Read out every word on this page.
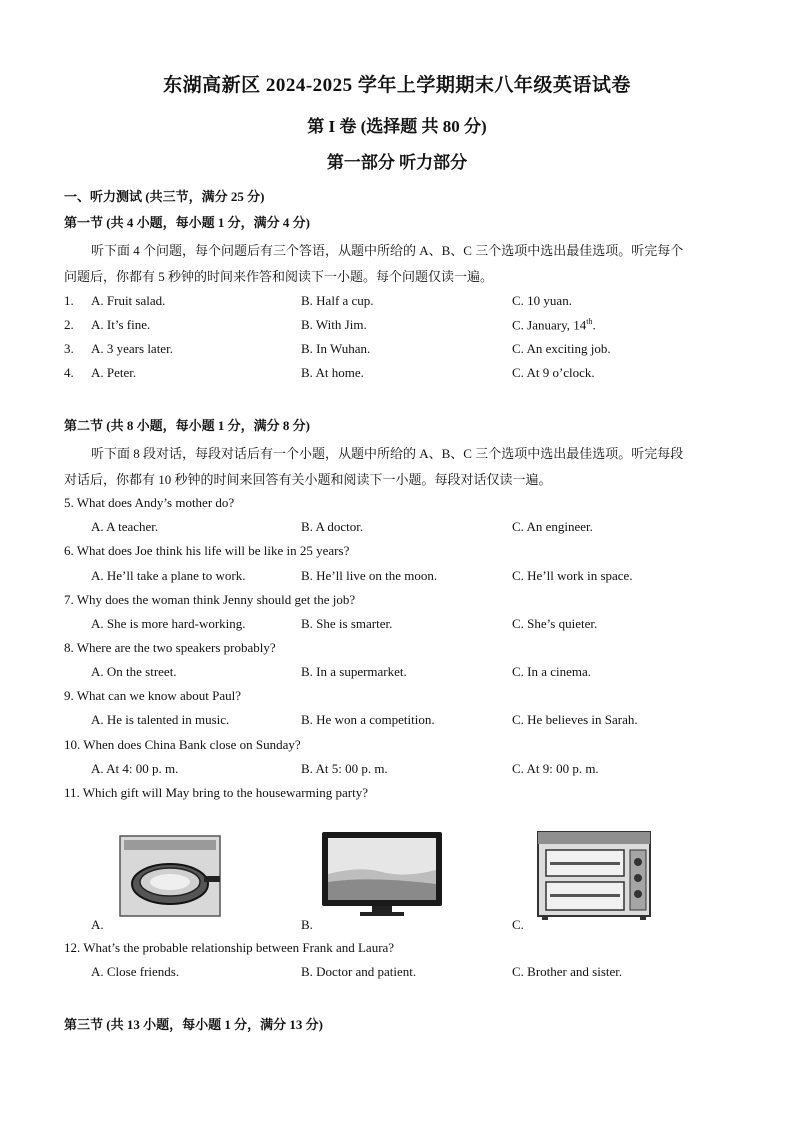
东湖高新区 2024-2025 学年上学期期末八年级英语试卷
第 I 卷 (选择题 共 80 分)
第一部分 听力部分
一、听力测试 (共三节，满分 25 分)
第一节 (共 4 小题，每小题 1 分，满分 4 分)
听下面 4 个问题，每个问题后有三个答语，从题中所给的 A、B、C 三个选项中选出最佳选项。听完每个
问题后，你都有 5 秒钟的时间来作答和阅读下一小题。每个问题仅读一遍。
1. A. Fruit salad.	B. Half a cup.	C. 10 yuan.
2. A. It’s fine.	B. With Jim.	C. January, 14th.
3. A. 3 years later.	B. In Wuhan.	C. An exciting job.
4. A. Peter.	B. At home.	C. At 9 o’clock.
第二节 (共 8 小题，每小题 1 分，满分 8 分)
听下面 8 段对话，每段对话后有一个小题，从题中所给的 A、B、C 三个选项中选出最佳选项。听完每段
对话后，你都有 10 秒钟的时间来回答有关小题和阅读下一小题。每段对话仅读一遍。
5. What does Andy’s mother do?
A. A teacher.	B. A doctor.	C. An engineer.
6. What does Joe think his life will be like in 25 years?
A. He’ll take a plane to work.	B. He’ll live on the moon.	C. He’ll work in space.
7. Why does the woman think Jenny should get the job?
A. She is more hard-working.	B. She is smarter.	C. She’s quieter.
8. Where are the two speakers probably?
A. On the street.	B. In a supermarket.	C. In a cinema.
9. What can we know about Paul?
A. He is talented in music.	B. He won a competition.	C. He believes in Sarah.
10. When does China Bank close on Sunday?
A. At 4: 00 p. m.	B. At 5: 00 p. m.	C. At 9: 00 p. m.
11. Which gift will May bring to the housewarming party?
A.	B.	C.
12. What’s the probable relationship between Frank and Laura?
A. Close friends.	B. Doctor and patient.	C. Brother and sister.
第三节 (共 13 小题，每小题 1 分，满分 13 分)
